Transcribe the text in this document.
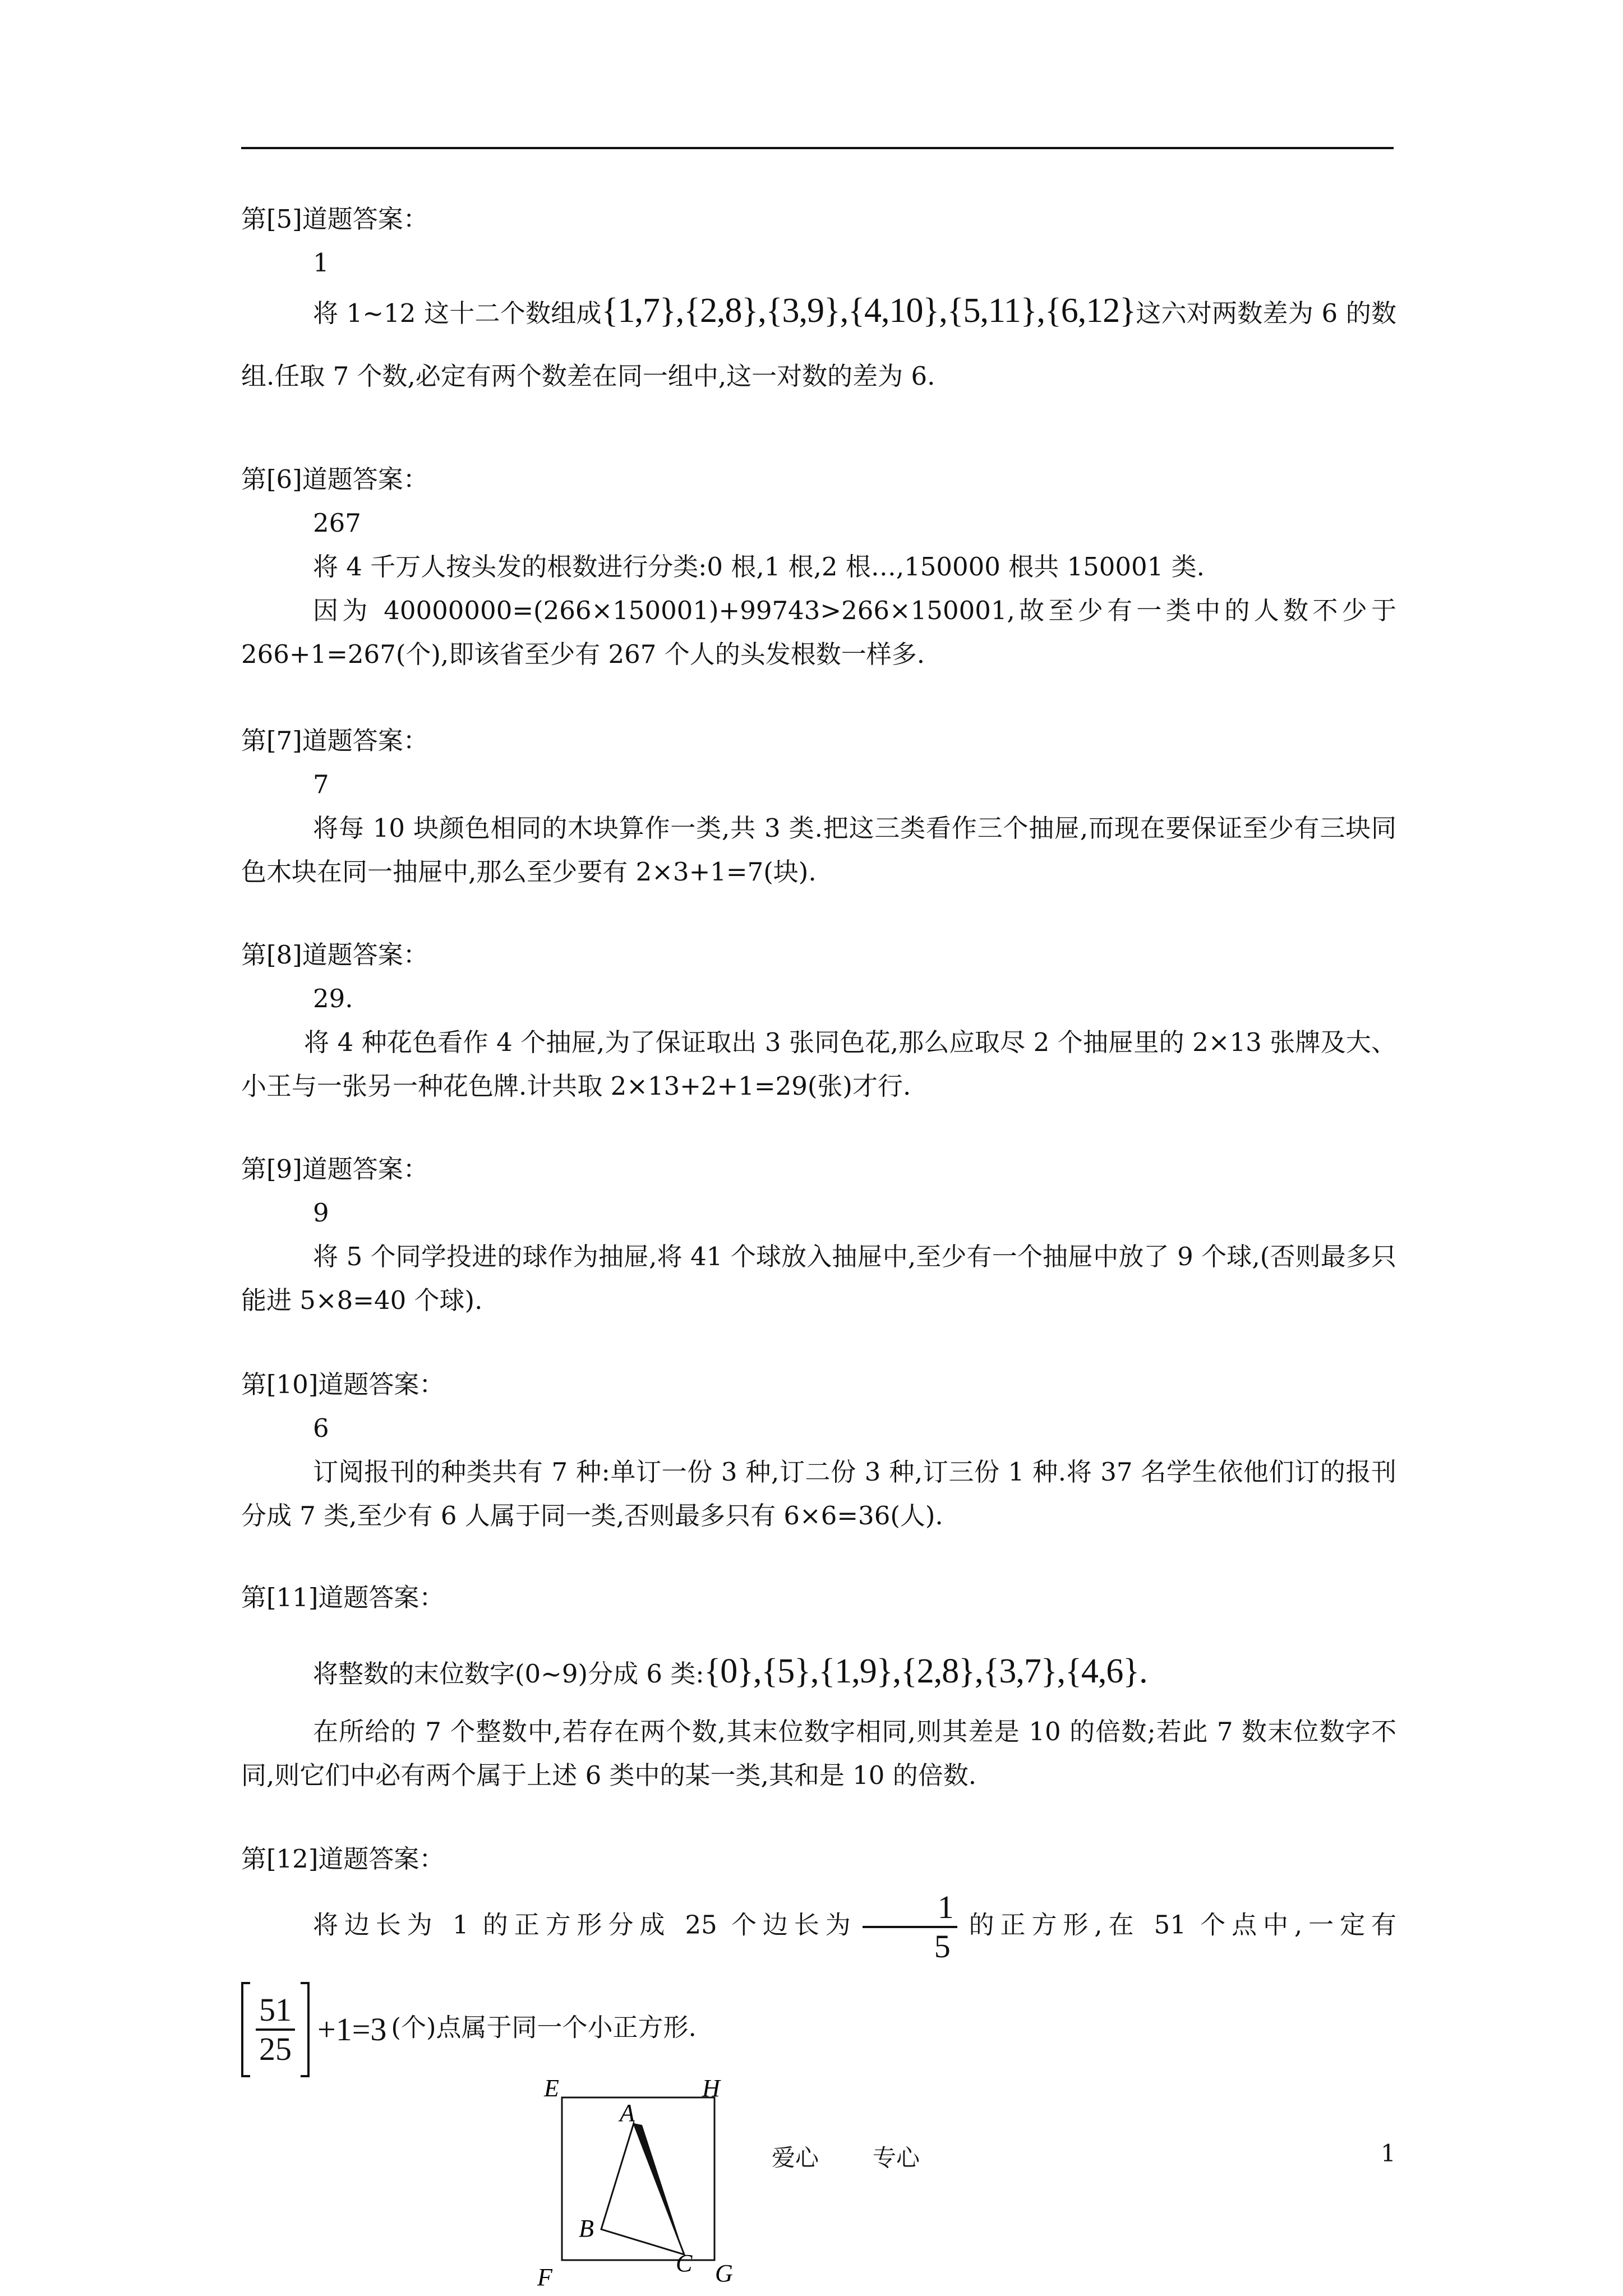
第[5]道题答案：
1
将 1~12 这十二个数组成{1,7},{2,8},{3,9},{4,10},{5,11},{6,12}这六对两数差为 6 的数组.任取 7 个数,必定有两个数差在同一组中,这一对数的差为 6.
第[6]道题答案：
267
将 4 千万人按头发的根数进行分类:0 根,1 根,2 根…,150000 根共 150001 类.
因为 40000000=(266×150001)+99743>266×150001,故至少有一类中的人数不少于266+1=267(个),即该省至少有 267 个人的头发根数一样多.
第[7]道题答案：
7
将每 10 块颜色相同的木块算作一类,共 3 类.把这三类看作三个抽屉,而现在要保证至少有三块同色木块在同一抽屉中,那么至少要有 2×3+1=7(块).
第[8]道题答案：
29.
将 4 种花色看作 4 个抽屉,为了保证取出 3 张同色花,那么应取尽 2 个抽屉里的 2×13 张牌及大、小王与一张另一种花色牌.计共取 2×13+2+1=29(张)才行.
第[9]道题答案：
9
将 5 个同学投进的球作为抽屉,将 41 个球放入抽屉中,至少有一个抽屉中放了 9 个球,(否则最多只能进 5×8=40 个球).
第[10]道题答案：
6
订阅报刊的种类共有 7 种:单订一份 3 种,订二份 3 种,订三份 1 种.将 37 名学生依他们订的报刊分成 7 类,至少有 6 人属于同一类,否则最多只有 6×6=36(人).
第[11]道题答案：
将整数的末位数字(0~9)分成 6 类:{0},{5},{1,9},{2,8},{3,7},{4,6}.
在所给的 7 个整数中,若存在两个数,其末位数字相同,则其差是 10 的倍数;若此 7 数末位数字不同,则它们中必有两个属于上述 6 类中的某一类,其和是 10 的倍数.
第[12]道题答案：
将边长为 1 的正方形分成 25 个边长为 $\frac{1}{5}$ 的正方形,在 51 个点中,一定有
$\frac{51}{25} +1=3$ (个)点属于同一个小正方形.
E	H
F	G
A
B
C
爱心 专心	1
